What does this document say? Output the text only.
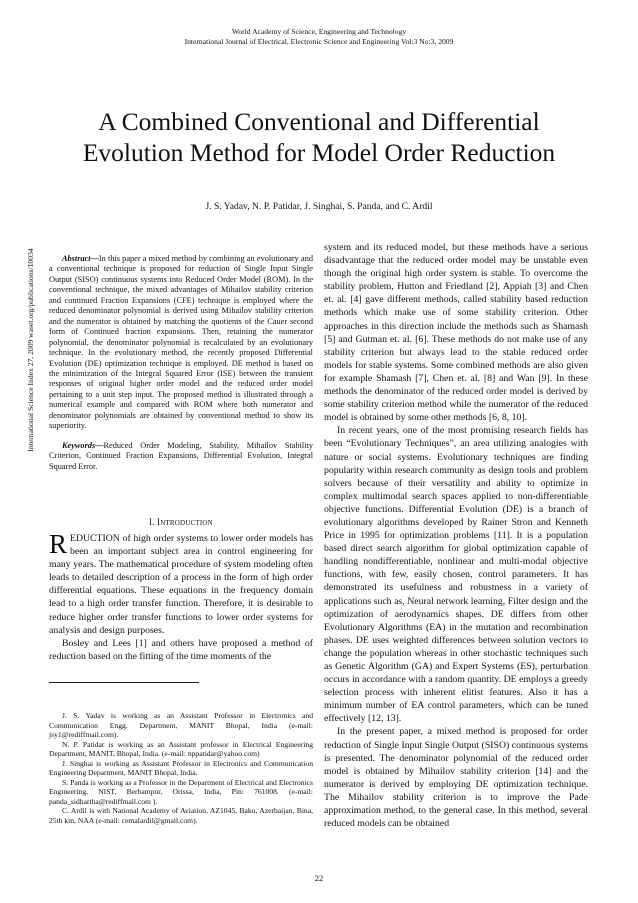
World Academy of Science, Engineering and Technology
International Journal of Electrical, Electronic Science and Engineering Vol:3 No:3, 2009
A Combined Conventional and Differential
Evolution Method for Model Order Reduction
J. S. Yadav, N. P. Patidar, J. Singhai, S. Panda, and C. Ardil
International Science Index 27, 2009 waset.org/publications/10034	Abstract—In this paper a mixed method by combining an evolutionary and a conventional technique is proposed for reduction of Single Input Single Output (SISO) continuous systems into Reduced Order Model (ROM). In the conventional technique, the mixed advantages of Mihailov stability criterion and continued Fraction Expansions (CFE) technique is employed where the reduced denominator polynomial is derived using Mihailov stability criterion and the numerator is obtained by matching the quotients of the Cauer second form of Continued fraction expansions. Then, retaining the numerator polynomial, the denominator polynomial is recalculated by an evolutionary technique. In the evolutionary method, the recently proposed Differential Evolution (DE) optimization technique is employed. DE method is based on the minimization of the Integral Squared Error (ISE) between the transient responses of original higher order model and the reduced order model pertaining to a unit step input. The proposed method is illustrated through a numerical example and compared with ROM where both numerator and denominator polynomials are obtained by conventional method to show its superiority.
Keywords—Reduced Order Modeling, Stability, Mihailov Stability Criterion, Continued Fraction Expansions, Differential Evolution, Integral Squared Error.
I. INTRODUCTION

REDUCTION of high order systems to lower order models has been an important subject area in control engineering for many years. The mathematical procedure of system modeling often leads to detailed description of a process in the form of high order differential equations. These equations in the frequency domain lead to a high order transfer function. Therefore, it is desirable to reduce higher order transfer functions to lower order systems for analysis and design purposes.

Bosley and Lees [1] and others have proposed a method of reduction based on the fitting of the time moments of the

J. S. Yadav is working as an Assistant Professor in Electronics and Communication Engg. Department, MANIT Bhopal, India (e-mail: jsy1@rediffmail.com).

N. P. Patidar is working as an Assistant professor in Electrical Engineering Department, MANIT, Bhopal, India. (e-mail: nppatidar@yahoo.com)

J. Singhai is working as Assistant Professor in Electronics and Communication Engineering Department, MANIT Bhopal, India.

S. Panda is working as a Professor in the Department of Electrical and Electronics Engineering, NIST, Berhampur, Orissa, India, Pin: 761008. (e-mail: panda_sidhartha@rediffmail.com ).

C. Ardil is with National Academy of Aviation, AZ1045, Baku, Azerbaijan, Bina, 25th km, NAA (e-mail: cemalardil@gmail.com).

system and its reduced model, but these methods have a serious disadvantage that the reduced order model may be unstable even though the original high order system is stable. To overcome the stability problem, Hutton and Friedland [2], Appiah [3] and Chen et. al. [4] gave different methods, called stability based reduction methods which make use of some stability criterion. Other approaches in this direction include the methods such as Shamash [5] and Gutman et. al. [6]. These methods do not make use of any stability criterion but always lead to the stable reduced order models for stable systems. Some combined methods are also given for example Shamash [7], Chen et. al. [8] and Wan [9]. In these methods the denominator of the reduced order model is derived by some stability criterion method while the numerator of the reduced model is obtained by some other methods [6, 8, 10].

In recent years, one of the most promising research fields has been “Evolutionary Techniques”, an area utilizing analogies with nature or social systems. Evolutionary techniques are finding popularity within research community as design tools and problem solvers because of their versatility and ability to optimize in complex multimodal search spaces applied to non-differentiable objective functions. Differential Evolution (DE) is a branch of evolutionary algorithms developed by Rainer Stron and Kenneth Price in 1995 for optimization problems [11]. It is a population based direct search algorithm for global optimization capable of handling nondifferentiable, nonlinear and multi-modal objective functions, with few, easily chosen, control parameters. It has demonstrated its usefulness and robustness in a variety of applications such as, Neural network learning, Filter design and the optimization of aerodynamics shapes. DE differs from other Evolutionary Algorithms (EA) in the mutation and recombination phases. DE uses weighted differences between solution vectors to change the population whereas in other stochastic techniques such as Genetic Algorithm (GA) and Expert Systems (ES), perturbation occurs in accordance with a random quantity. DE employs a greedy selection process with inherent elitist features. Also it has a minimum number of EA control parameters, which can be tuned effectively [12, 13].

In the present paper, a mixed method is proposed for order reduction of Single Input Single Output (SISO) continuous systems is presented. The denominator polynomial of the reduced order model is obtained by Mihailov stability criterion [14] and the numerator is derived by employing DE optimization technique. The Mihailov stability criterion is to improve the Pade approximation method, to the general case. In this method, several reduced models can be obtained

22
